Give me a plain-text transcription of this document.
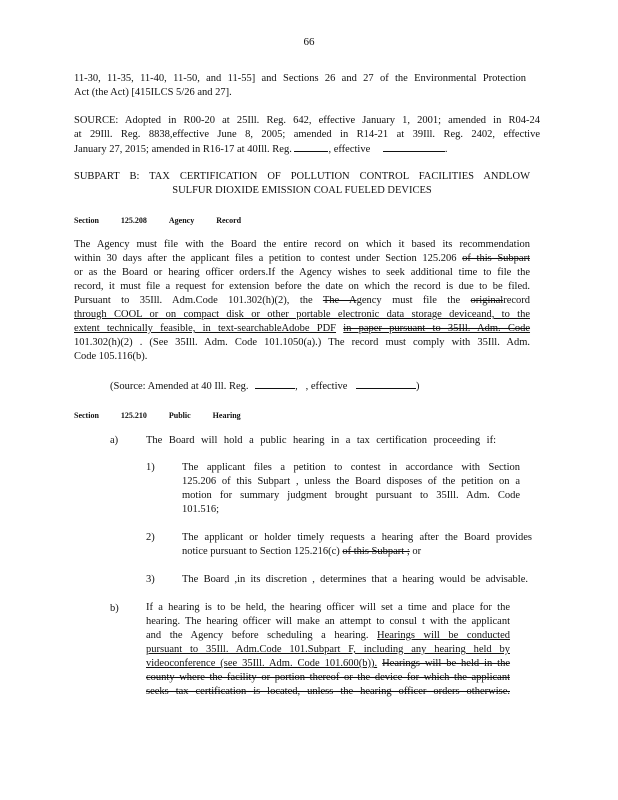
66
11-30, 11-35, 11-40, 11-50, and 11-55] and Sections 26 and 27 of the Environmental Protection
Act (the Act) [415ILCS 5/26 and 27].
SOURCE: Adopted in R00-20 at 25Ill. Reg. 642, effective January 1, 2001; amended in R04-24
at 29Ill. Reg. 8838,effective June 8, 2005; amended in R14-21 at 39Ill. Reg. 2402, effective
January 27, 2015; amended in R16-17 at 40Ill. Reg.	, effective	.
SUBPART B: TAX CERTIFICATION OF POLLUTION CONTROL FACILITIES ANDLOW
SULFUR DIOXIDE EMISSION COAL FUELED DEVICES
Section	125.208	Agency	Record
The Agency must file with the Board the entire record on which it based its recommendation
within 30 days after the applicant files a petition to contest under Section 125.206 of this Subpart
or as the Board or hearing officer orders.If the Agency wishes to seek additional time to file the
record, it must file a request for extension before the date on which the record is due to be filed.
Pursuant to 35Ill. Adm.Code 101.302(h)(2), the The Agency must file the originalrecord
through COOL or on compact disk or other portable electronic data storage deviceand, to the
extent technically feasible, in text-searchableAdobe PDF in paper pursuant to 35Ill. Adm. Code
101.302(h)(2) . (See 35Ill. Adm. Code 101.1050(a).) The record must comply with 35Ill. Adm.
Code 105.116(b).
(Source: Amended at 40 Ill. Reg.	,   , effective	)
Section	125.210	Public	Hearing
a)	The Board will hold a public hearing in a tax certification proceeding if:
1)	The applicant files a petition to contest in accordance with Section
125.206 of this Subpart , unless the Board disposes of the petition on a
motion for summary judgment brought pursuant to 35Ill. Adm. Code
101.516;
2)	The applicant or holder timely requests a hearing after the Board provides
notice pursuant to Section 125.216(c) of this Subpart ; or
3)	The Board ,in its discretion , determines that a hearing would be advisable.
b)	If a hearing is to be held, the hearing officer will set a time and place for the
hearing. The hearing officer will make an attempt to consul t with the applicant
and the Agency before scheduling a hearing. Hearings will be conducted
pursuant to 35Ill. Adm.Code 101.Subpart F, including any hearing held by
videoconference (see 35Ill. Adm. Code 101.600(b)). Hearings will be held in the
county where the facility or portion thereof or the device for which the applicant
seeks tax certification is located, unless the hearing officer orders otherwise.
